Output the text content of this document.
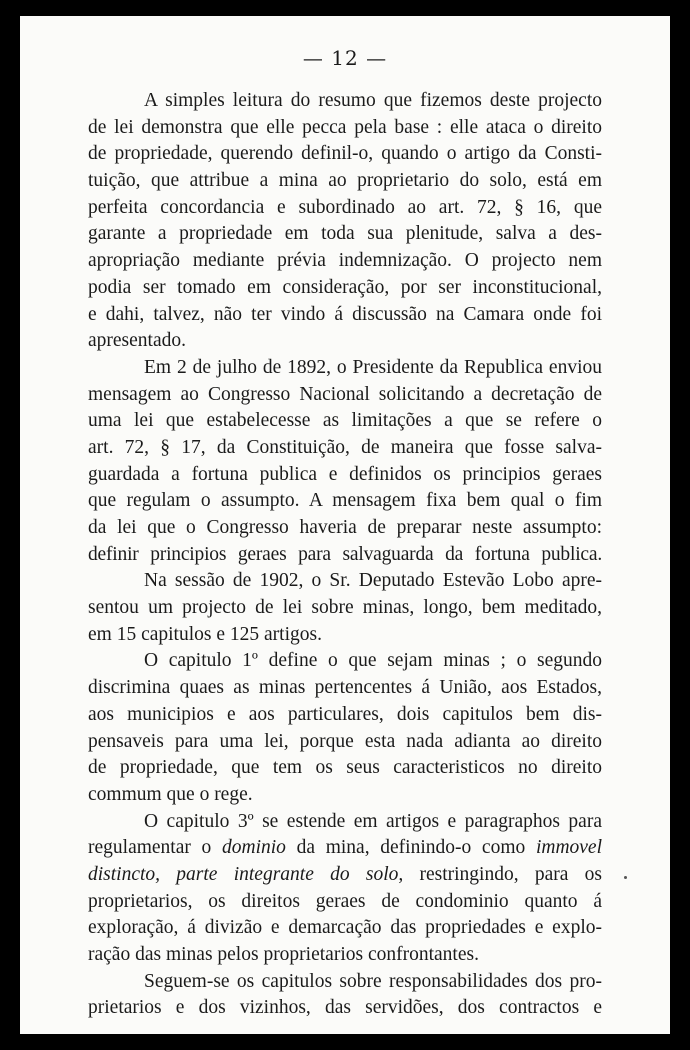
— 12 —
A simples leitura do resumo que fizemos deste projecto
de lei demonstra que elle pecca pela base : elle ataca o direito
de propriedade, querendo definil-o, quando o artigo da Consti-
tuição, que attribue a mina ao proprietario do solo, está em
perfeita concordancia e subordinado ao art. 72, § 16, que
garante a propriedade em toda sua plenitude, salva a des-
apropriação mediante prévia indemnização. O projecto nem
podia ser tomado em consideração, por ser inconstitucional,
e dahi, talvez, não ter vindo á discussão na Camara onde foi
apresentado.
Em 2 de julho de 1892, o Presidente da Republica enviou
mensagem ao Congresso Nacional solicitando a decretação de
uma lei que estabelecesse as limitações a que se refere o
art. 72, § 17, da Constituição, de maneira que fosse salva-
guardada a fortuna publica e definidos os principios geraes
que regulam o assumpto. A mensagem fixa bem qual o fim
da lei que o Congresso haveria de preparar neste assumpto:
definir principios geraes para salvaguarda da fortuna publica.
Na sessão de 1902, o Sr. Deputado Estevão Lobo apre-
sentou um projecto de lei sobre minas, longo, bem meditado,
em 15 capitulos e 125 artigos.
O capitulo 1º define o que sejam minas ; o segundo
discrimina quaes as minas pertencentes á União, aos Estados,
aos municipios e aos particulares, dois capitulos bem dis-
pensaveis para uma lei, porque esta nada adianta ao direito
de propriedade, que tem os seus caracteristicos no direito
commum que o rege.
O capitulo 3º se estende em artigos e paragraphos para
regulamentar o dominio da mina, definindo-o como immovel
distincto, parte integrante do solo, restringindo, para os
proprietarios, os direitos geraes de condominio quanto á
exploração, á divizão e demarcação das propriedades e explo-
ração das minas pelos proprietarios confrontantes.
Seguem-se os capitulos sobre responsabilidades dos pro-
prietarios e dos vizinhos, das servidões, dos contractos e
